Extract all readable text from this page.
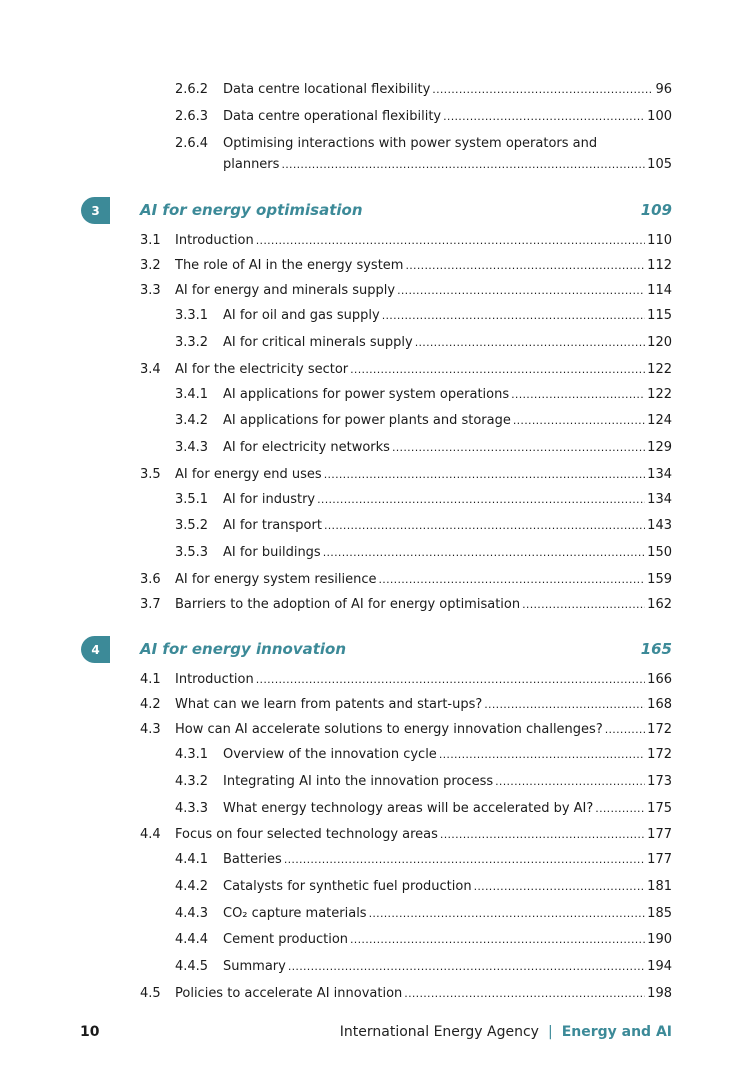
2.6.2	Data centre locational flexibility .....	96
2.6.3	Data centre operational flexibility .....	100
2.6.4 Optimising interactions with power system operators and
planners .....	105
3	AI for energy optimisation	109
3.1	Introduction .....	110
3.2	The role of AI in the energy system .....	112
3.3	AI for energy and minerals supply .....	114
3.3.1	AI for oil and gas supply .....	115
3.3.2	AI for critical minerals supply .....	120
3.4	AI for the electricity sector .....	122
3.4.1	AI applications for power system operations .....	122
3.4.2	AI applications for power plants and storage .....	124
3.4.3	AI for electricity networks .....	129
3.5	AI for energy end uses .....	134
3.5.1	AI for industry .....	134
3.5.2	AI for transport .....	143
3.5.3	AI for buildings .....	150
3.6	AI for energy system resilience .....	159
3.7	Barriers to the adoption of AI for energy optimisation .....	162
4	AI for energy innovation	165
4.1	Introduction .....	166
4.2	What can we learn from patents and start-ups? .....	168
4.3	How can AI accelerate solutions to energy innovation challenges? .....	172
4.3.1	Overview of the innovation cycle .....	172
4.3.2	Integrating AI into the innovation process .....	173
4.3.3	What energy technology areas will be accelerated by AI? .....	175
4.4	Focus on four selected technology areas .....	177
4.4.1	Batteries .....	177
4.4.2	Catalysts for synthetic fuel production .....	181
4.4.3	CO₂ capture materials .....	185
4.4.4	Cement production .....	190
4.4.5	Summary .....	194
4.5	Policies to accelerate AI innovation .....	198
10	International Energy Agency | Energy and AI
